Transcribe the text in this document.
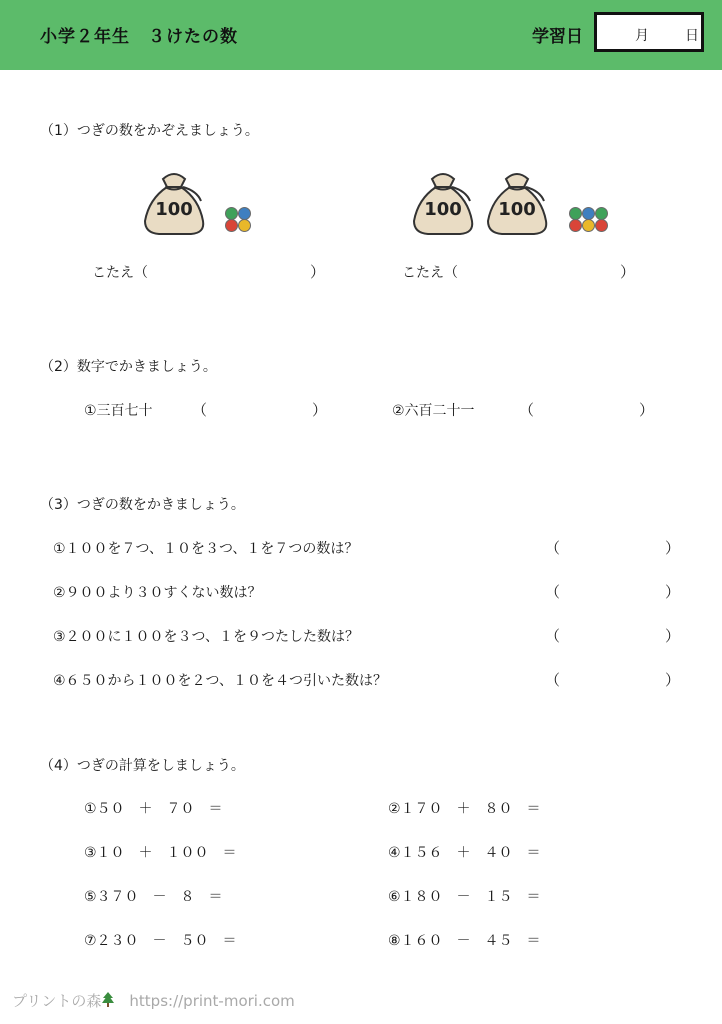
小学２年生　３けたの数	学習日	月	日
（1）つぎの数をかぞえましょう。
100	100	100
こたえ（	）	こたえ（	）
（2）数字でかきましょう。
①三百七十	（	）	②六百二十一	（	）
（3）つぎの数をかきましょう。
①１００を７つ、１０を３つ、１を７つの数は？	（	）
②９００より３０すくない数は？	（	）
③２００に１００を３つ、１を９つたした数は？	（	）
④６５０から１００を２つ、１０を４つ引いた数は？	（	）
（4）つぎの計算をしましょう。
①５０　＋　７０　＝	②１７０　＋　８０　＝
③１０　＋　１００　＝	④１５６　＋　４０　＝
⑤３７０　－　８　＝	⑥１８０　－　１５　＝
⑦２３０　－　５０　＝	⑧１６０　－　４５　＝
プリントの森 https://print-mori.com
